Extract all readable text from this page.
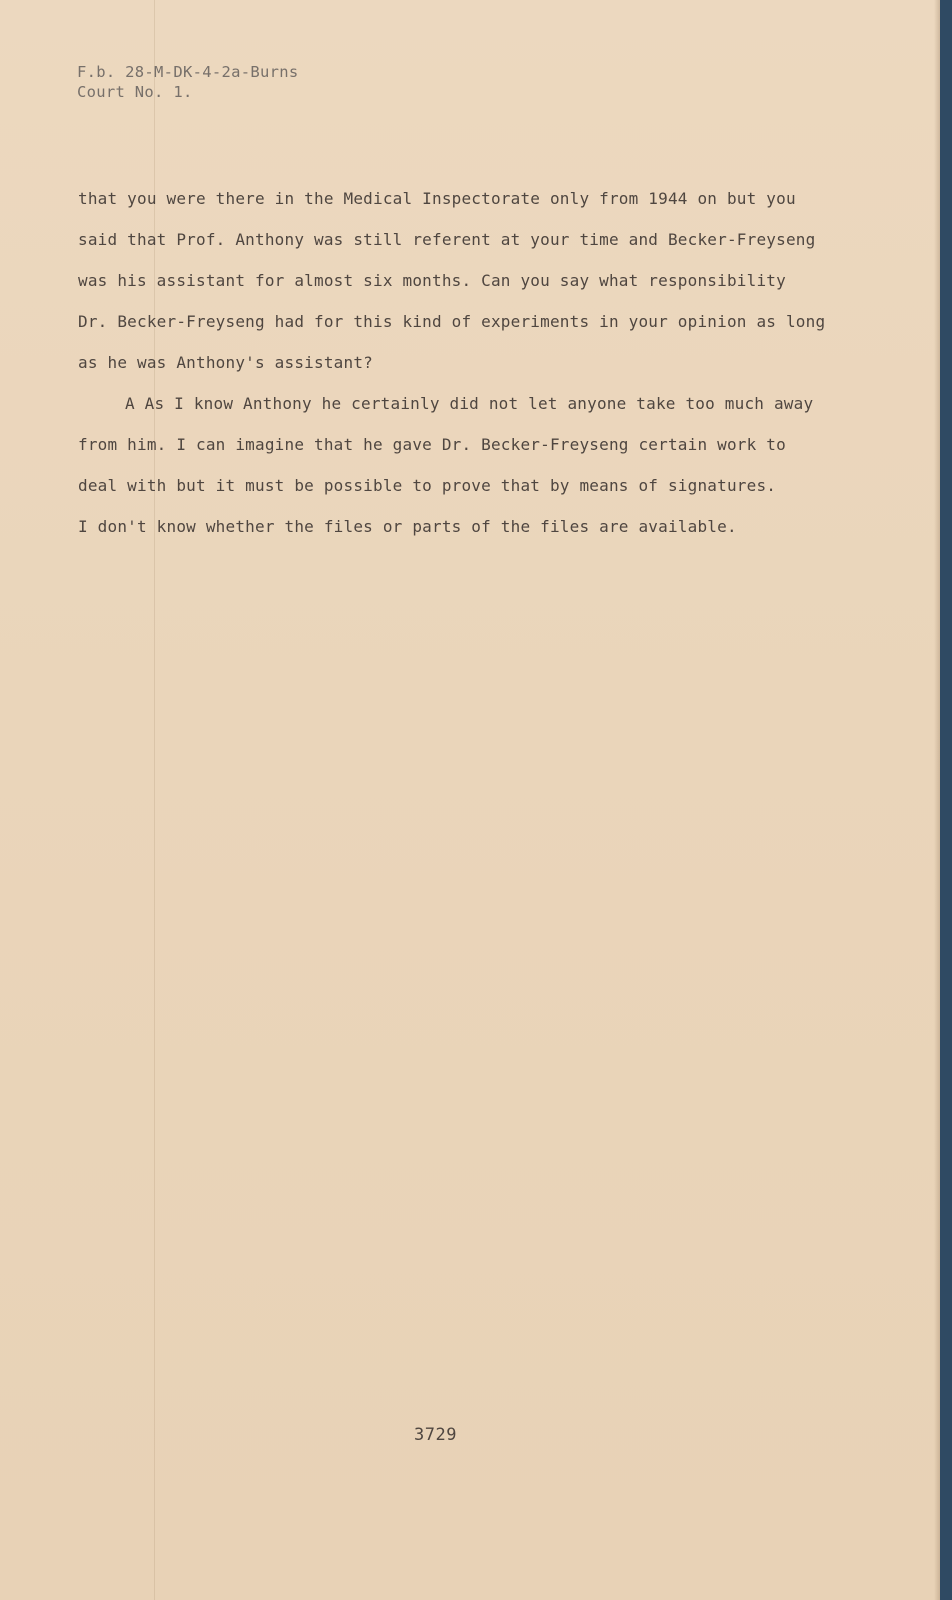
F.b. 28-M-DK-4-2a-Burns
Court No. 1.
that you were there in the Medical Inspectorate only from 1944 on but you
said that Prof. Anthony was still referent at your time and Becker-Freyseng
was his assistant for almost six months. Can you say what responsibility
Dr. Becker-Freyseng had for this kind of experiments in your opinion as long
as he was Anthony's assistant?
A As I know Anthony he certainly did not let anyone take too much away
from him. I can imagine that he gave Dr. Becker-Freyseng certain work to
deal with but it must be possible to prove that by means of signatures.
I don't know whether the files or parts of the files are available.
3729
